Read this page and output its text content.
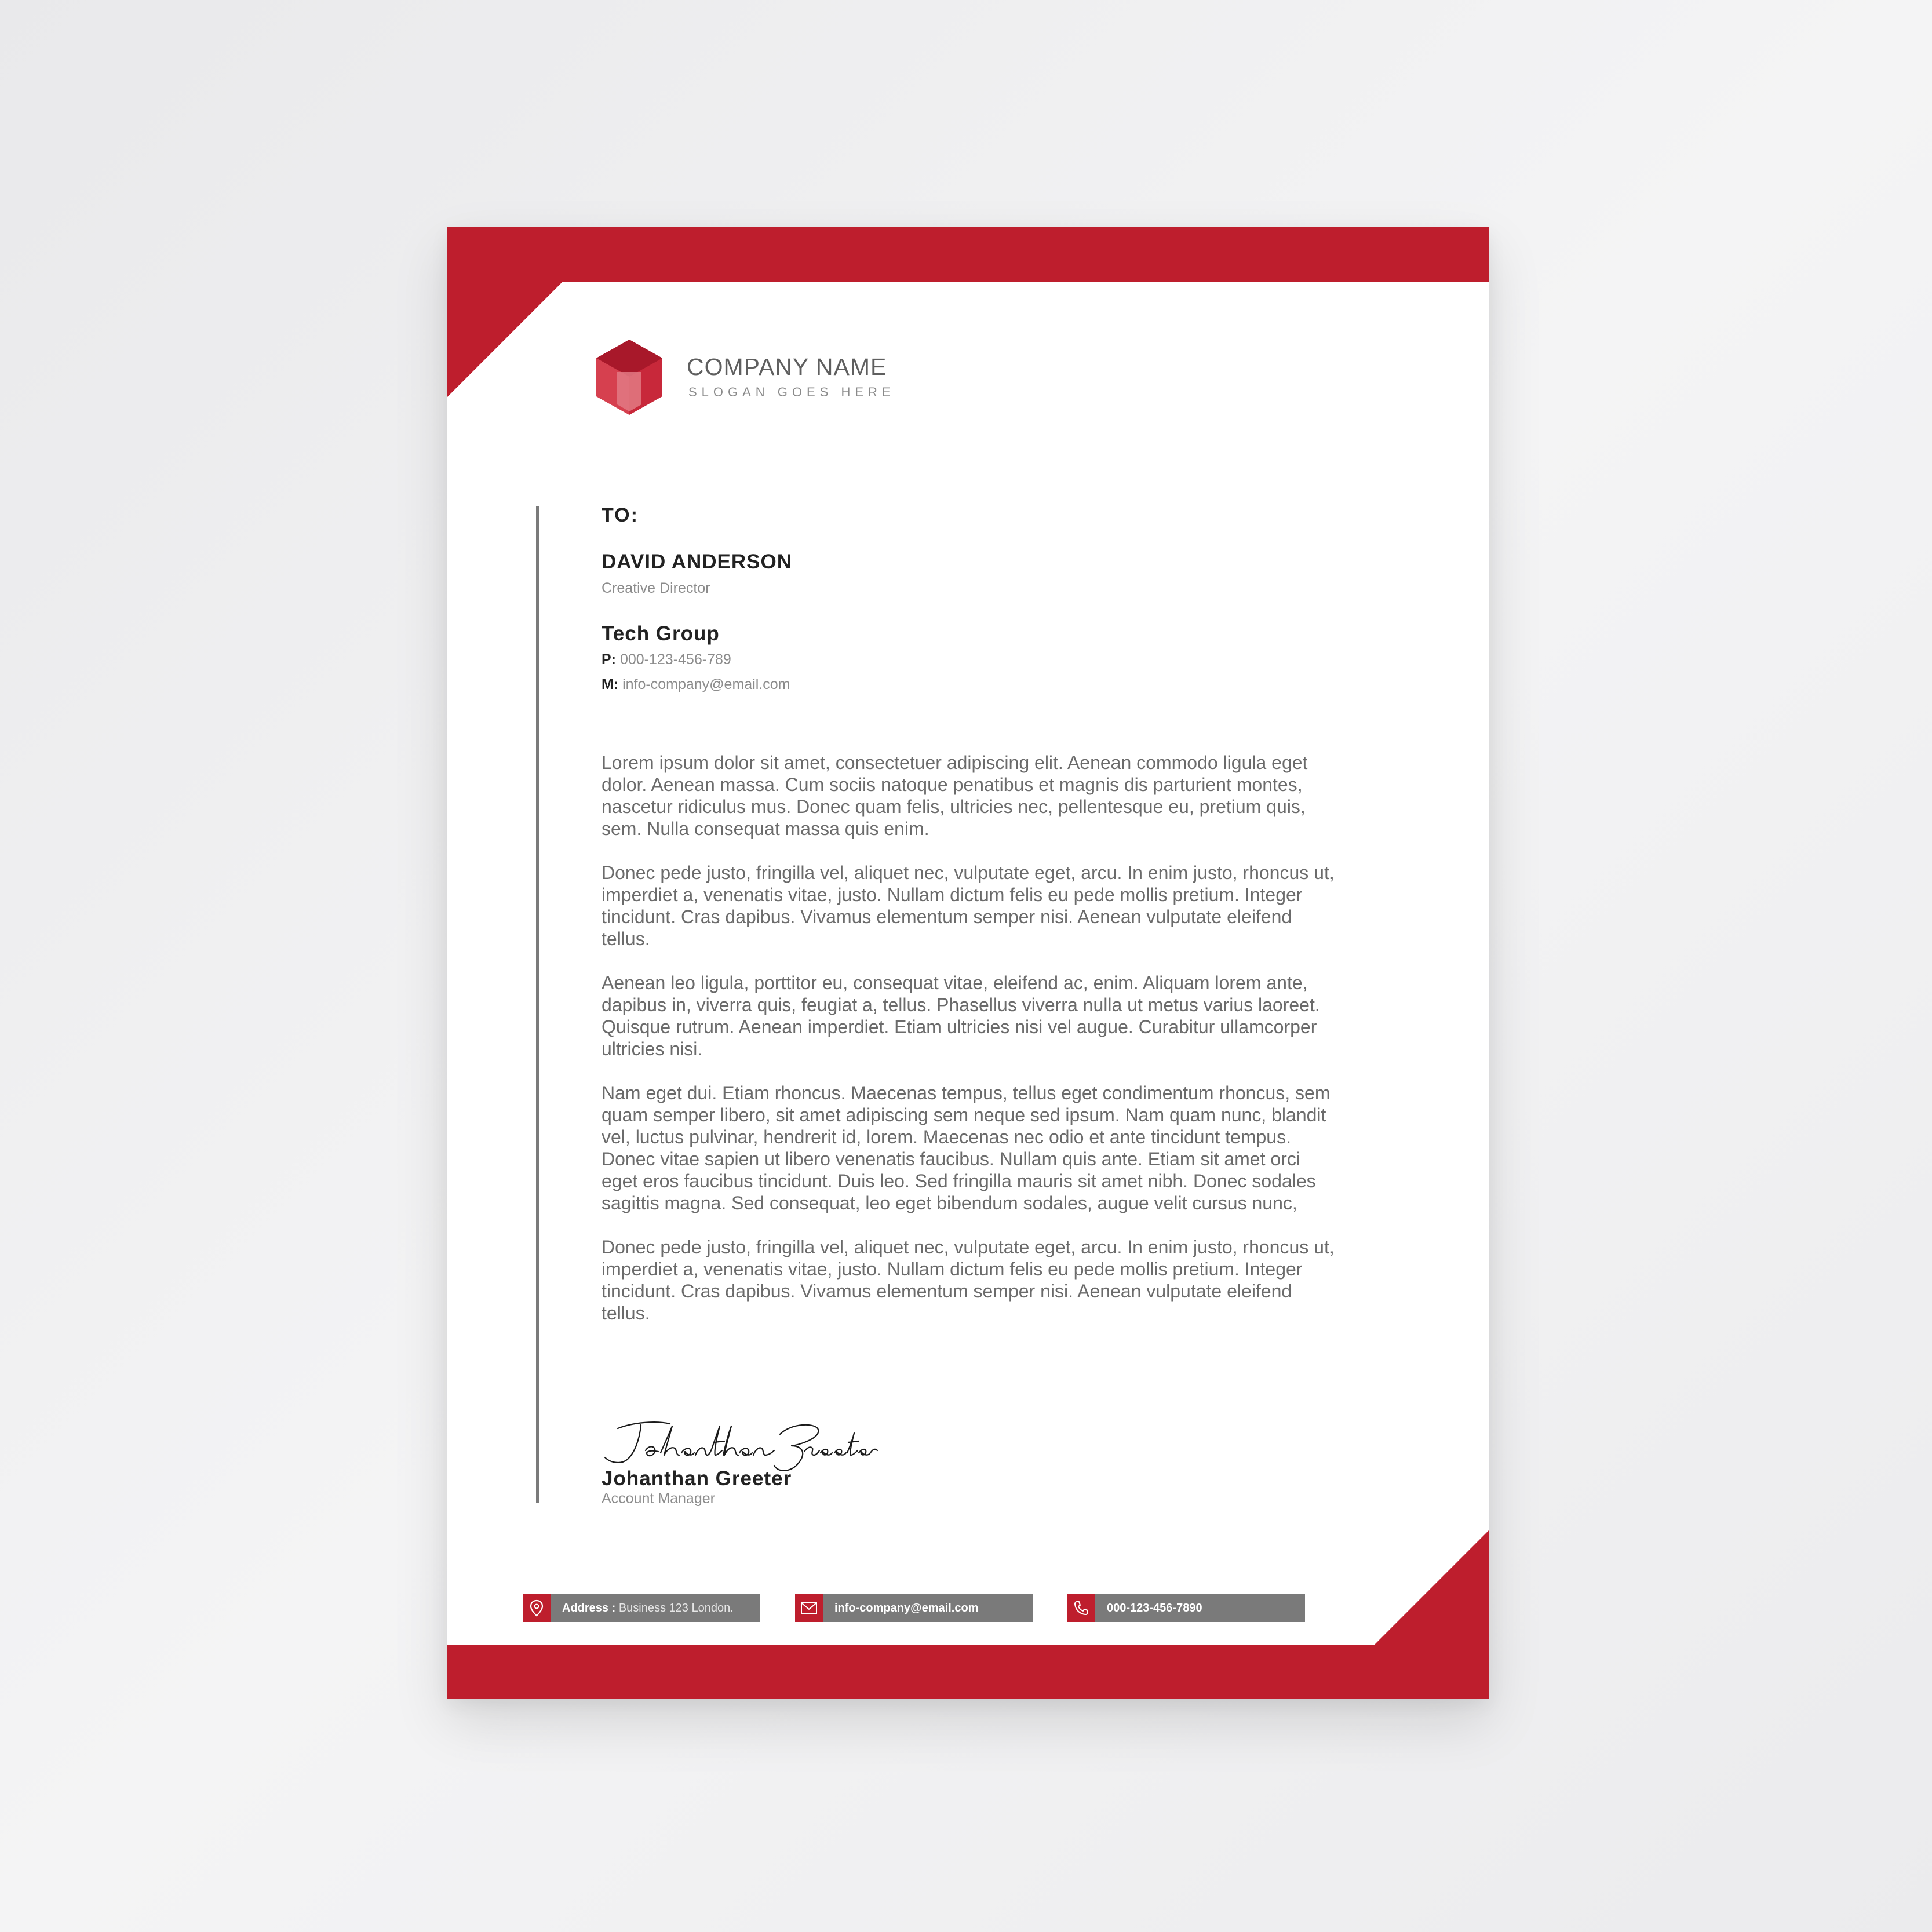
COMPANY NAME
SLOGAN GOES HERE
TO:
DAVID ANDERSON
Creative Director
Tech Group
P: 000-123-456-789
M: info-company@email.com

Lorem ipsum dolor sit amet, consectetuer adipiscing elit. Aenean commodo ligula eget dolor. Aenean massa. Cum sociis natoque penatibus et magnis dis parturient montes, nascetur ridiculus mus. Donec quam felis, ultricies nec, pellentesque eu, pretium quis, sem. Nulla consequat massa quis enim.

Donec pede justo, fringilla vel, aliquet nec, vulputate eget, arcu. In enim justo, rhoncus ut, imperdiet a, venenatis vitae, justo. Nullam dictum felis eu pede mollis pretium. Integer tincidunt. Cras dapibus. Vivamus elementum semper nisi. Aenean vulputate eleifend tellus.

Aenean leo ligula, porttitor eu, consequat vitae, eleifend ac, enim. Aliquam lorem ante, dapibus in, viverra quis, feugiat a, tellus. Phasellus viverra nulla ut metus varius laoreet. Quisque rutrum. Aenean imperdiet. Etiam ultricies nisi vel augue. Curabitur ullamcorper ultricies nisi.

Nam eget dui. Etiam rhoncus. Maecenas tempus, tellus eget condimentum rhoncus, sem quam semper libero, sit amet adipiscing sem neque sed ipsum. Nam quam nunc, blandit vel, luctus pulvinar, hendrerit id, lorem. Maecenas nec odio et ante tincidunt tempus. Donec vitae sapien ut libero venenatis faucibus. Nullam quis ante. Etiam sit amet orci eget eros faucibus tincidunt. Duis leo. Sed fringilla mauris sit amet nibh. Donec sodales sagittis magna. Sed consequat, leo eget bibendum sodales, augue velit cursus nunc,

Donec pede justo, fringilla vel, aliquet nec, vulputate eget, arcu. In enim justo, rhoncus ut, imperdiet a, venenatis vitae, justo. Nullam dictum felis eu pede mollis pretium. Integer tincidunt. Cras dapibus. Vivamus elementum semper nisi. Aenean vulputate eleifend tellus.

Johanthan Greeter
Account Manager
Address : Business 123 London.	info-company@email.com	000-123-456-7890
